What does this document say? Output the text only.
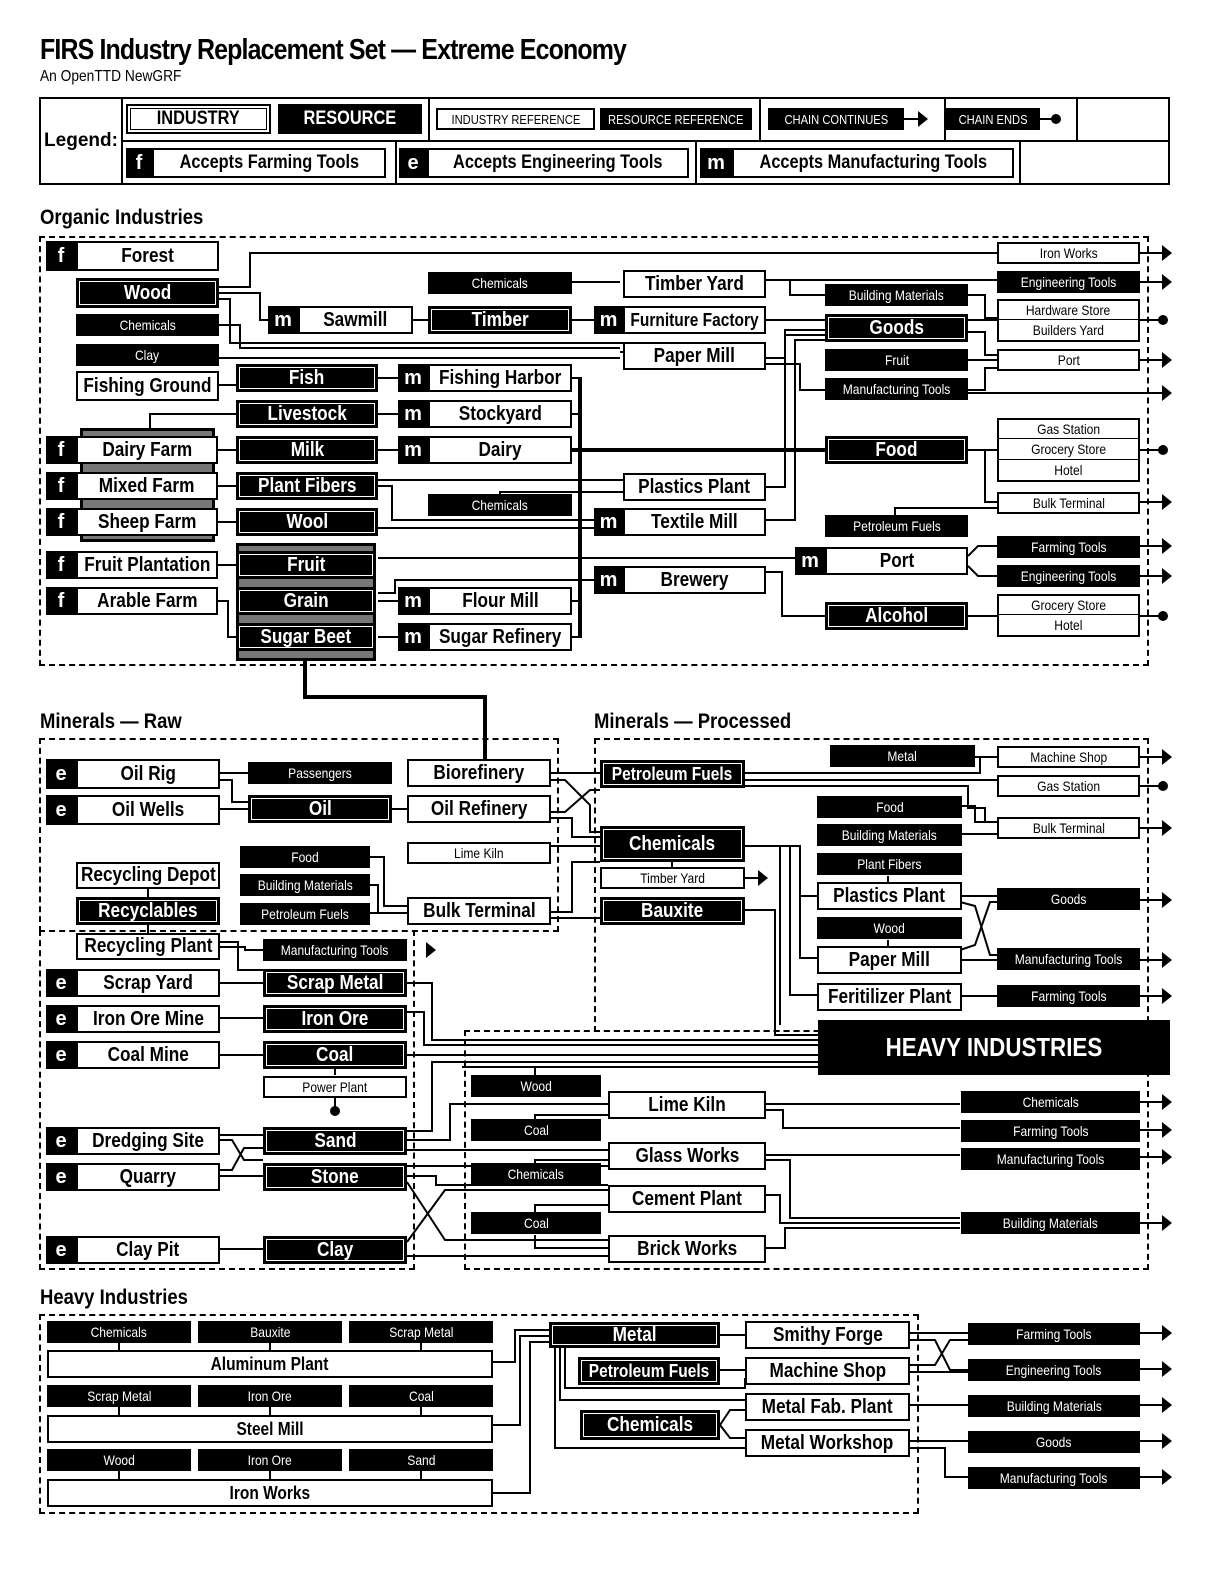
FIRS Industry Replacement Set — Extreme Economy
An OpenTTD NewGRF
Legend:
INDUSTRY	RESOURCE	INDUSTRY REFERENCE RESOURCE REFERENCE	CHAIN CONTINUES	CHAIN ENDS
f	Accepts Farming Tools	e	Accepts Engineering Tools	m	Accepts Manufacturing Tools
Organic Industries
Minerals — Raw	Minerals — Processed
Heavy Industries
f	Forest
Wood
Chemicals
Clay
Fishing Ground	Fish
Livestock
Milk
Plant Fibers
Wool
Fruit
Grain
Sugar Beet
f	Dairy Farm
f	Mixed Farm
f	Sheep Farm
f Fruit Plantation
f	Arable Farm
m	Sawmill	Timber
Chemicals	Timber Yard
m Furniture Factory
Paper Mill
m Fishing Harbor
m	Stockyard
m	Dairy
Chemicals
Plastics Plant
m Textile Mill
m Brewery
m	Flour Mill
m Sugar Refinery
Building Materials
Goods
Fruit
Manufacturing Tools
Food
Petroleum Fuels
m	Port
Alcohol
Iron Works
Engineering Tools
Hardware Store
Builders Yard
Port
Gas Station
Grocery Store
Hotel
Bulk Terminal
Farming Tools
Engineering Tools
Grocery Store
Hotel
e	Oil Rig
e	Oil Wells
Passengers
Oil
Biorefinery
Oil Refinery
Lime Kiln
Food
Building Materials
Petroleum Fuels	Bulk Terminal
Recycling Depot
Recyclables
Recycling Plant	Manufacturing Tools
e	Scrap Yard	Scrap Metal
e	Iron Ore Mine	Iron Ore
e	Coal Mine	Coal
Power Plant
e	Dredging Site	Sand
e	Quarry	Stone
e	Clay Pit	Clay
Petroleum Fuels
Chemicals
Timber Yard
Bauxite
Metal	Machine Shop
Gas Station
Food
Building Materials	Bulk Terminal
Plant Fibers
Plastics Plant
Wood
Paper Mill
Feritilizer Plant
Goods
Manufacturing Tools
Farming Tools
HEAVY INDUSTRIES
Wood
Lime Kiln
Coal
Glass Works
Chemicals
Cement Plant
Coal
Brick Works
Chemicals
Farming Tools
Manufacturing Tools
Building Materials
Chemicals	Bauxite	Scrap Metal
Aluminum Plant
Scrap Metal	Iron Ore	Coal
Steel Mill
Wood	Iron Ore	Sand
Iron Works
Metal
Petroleum Fuels
Chemicals
Smithy Forge
Machine Shop
Metal Fab. Plant
Metal Workshop
Farming Tools
Engineering Tools
Building Materials
Goods
Manufacturing Tools
